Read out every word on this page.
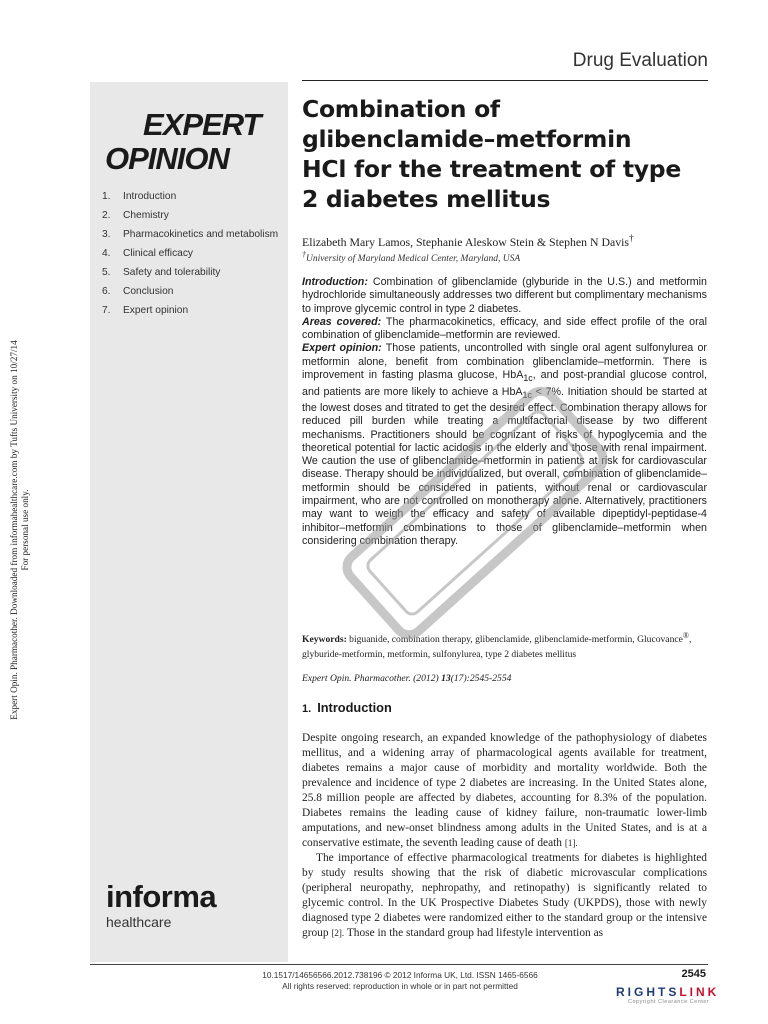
Expert Opin. Pharmacother. Downloaded from informahealthcare.com by Tufts University on 10/27/14 For personal use only.
Drug Evaluation
EXPERT
OPINION
1.	Introduction
2.	Chemistry
3.	Pharmacokinetics and metabolism
4.	Clinical efficacy
5.	Safety and tolerability
6.	Conclusion
7.	Expert opinion
informa
healthcare
Combination of glibenclamide–metformin HCl for the treatment of type 2 diabetes mellitus
Elizabeth Mary Lamos, Stephanie Aleskow Stein & Stephen N Davis†
†University of Maryland Medical Center, Maryland, USA

Introduction: Combination of glibenclamide (glyburide in the U.S.) and metformin hydrochloride simultaneously addresses two different but complimentary mechanisms to improve glycemic control in type 2 diabetes.

Areas covered: The pharmacokinetics, efficacy, and side effect profile of the oral combination of glibenclamide–metformin are reviewed.

Expert opinion: Those patients, uncontrolled with single oral agent sulfonylurea or metformin alone, benefit from combination glibenclamide–metformin. There is improvement in fasting plasma glucose, HbA$_{1c}$, and post-prandial glucose control, and patients are more likely to achieve a HbA$_{1c}$ < 7%. Initiation should be started at the lowest doses and titrated to get the desired effect. Combination therapy allows for reduced pill burden while treating a multifactorial disease by two different mechanisms. Practitioners should be cognizant of risks of hypoglycemia and the theoretical potential for lactic acidosis in the elderly and those with renal impairment. We caution the use of glibenclamide–metformin in patients at risk for cardiovascular disease. Therapy should be individualized, but overall, combination of glibenclamide–metformin should be considered in patients, without renal or cardiovascular impairment, who are not controlled on monotherapy alone. Alternatively, practitioners may want to weigh the efficacy and safety of available dipeptidyl-peptidase-4 inhibitor–metformin combinations to those of glibenclamide–metformin when considering combination therapy.

Keywords: biguanide, combination therapy, glibenclamide, glibenclamide-metformin, Glucovance®, glyburide-metformin, metformin, sulfonylurea, type 2 diabetes mellitus
Expert Opin. Pharmacother. (2012) 13(17):2545-2554
1. Introduction

Despite ongoing research, an expanded knowledge of the pathophysiology of diabetes mellitus, and a widening array of pharmacological agents available for treatment, diabetes remains a major cause of morbidity and mortality worldwide. Both the prevalence and incidence of type 2 diabetes are increasing. In the United States alone, 25.8 million people are affected by diabetes, accounting for 8.3% of the population. Diabetes remains the leading cause of kidney failure, non-traumatic lower-limb amputations, and new-onset blindness among adults in the United States, and is at a conservative estimate, the seventh leading cause of death [1].

The importance of effective pharmacological treatments for diabetes is highlighted by study results showing that the risk of diabetic microvascular complications (peripheral neuropathy, nephropathy, and retinopathy) is significantly related to glycemic control. In the UK Prospective Diabetes Study (UKPDS), those with newly diagnosed type 2 diabetes were randomized either to the standard group or the intensive group [2]. Those in the standard group had lifestyle intervention as

10.1517/14656566.2012.738196 © 2012 Informa UK, Ltd. ISSN 1465-6566
All rights reserved: reproduction in whole or in part not permitted
2545
RIGHTSLINK
Copyright Clearance Center
